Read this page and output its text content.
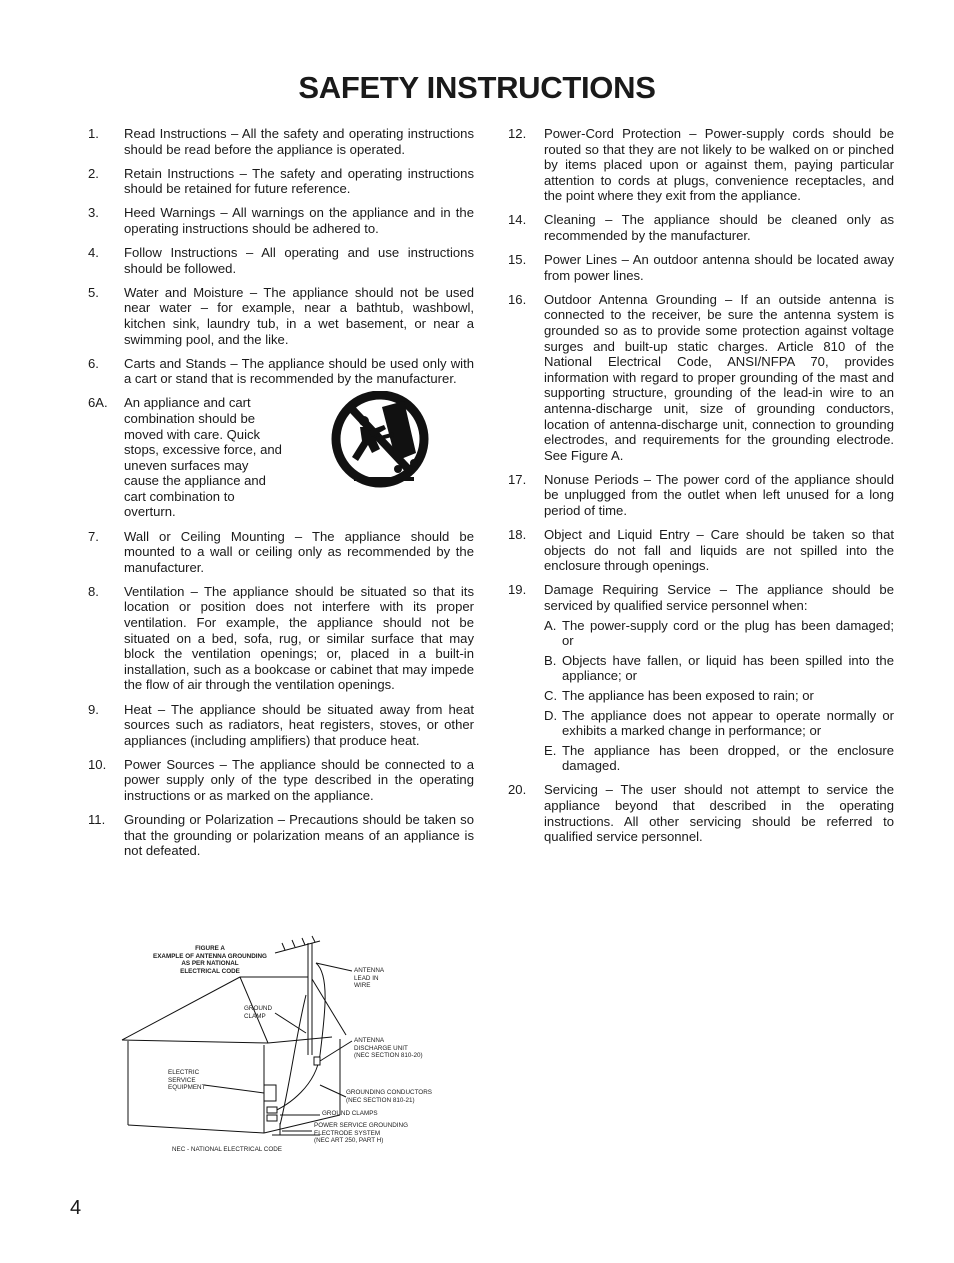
SAFETY INSTRUCTIONS
1.	Read Instructions – All the safety and operating instructions should be read before the appliance is operated.
2.	Retain Instructions – The safety and operating instructions should be retained for future reference.
3.	Heed Warnings – All warnings on the appliance and in the operating instructions should be adhered to.
4.	Follow Instructions – All operating and use instructions should be followed.
5.	Water and Moisture – The appliance should not be used near water – for example, near a bathtub, washbowl, kitchen sink, laundry tub, in a wet basement, or near a swimming pool, and the like.
6.	Carts and Stands – The appliance should be used only with a cart or stand that is recommended by the manufacturer.
6A.	An appliance and cart combination should be moved with care. Quick stops, excessive force, and uneven surfaces may cause the appliance and cart combination to overturn.
7.	Wall or Ceiling Mounting – The appliance should be mounted to a wall or ceiling only as recommended by the manufacturer.
8.	Ventilation – The appliance should be situated so that its location or position does not interfere with its proper ventilation. For example, the appliance should not be situated on a bed, sofa, rug, or similar surface that may block the ventilation openings; or, placed in a built-in installation, such as a bookcase or cabinet that may impede the flow of air through the ventilation openings.
9.	Heat – The appliance should be situated away from heat sources such as radiators, heat registers, stoves, or other appliances (including amplifiers) that produce heat.
10.	Power Sources – The appliance should be connected to a power supply only of the type described in the operating instructions or as marked on the appliance.
11.	Grounding or Polarization – Precautions should be taken so that the grounding or polarization means of an appliance is not defeated.
12.	Power-Cord Protection – Power-supply cords should be routed so that they are not likely to be walked on or pinched by items placed upon or against them, paying particular attention to cords at plugs, convenience receptacles, and the point where they exit from the appliance.
14.	Cleaning – The appliance should be cleaned only as recommended by the manufacturer.
15.	Power Lines – An outdoor antenna should be located away from power lines.
16.	Outdoor Antenna Grounding – If an outside antenna is connected to the receiver, be sure the antenna system is grounded so as to provide some protection against voltage surges and built-up static charges. Article 810 of the National Electrical Code, ANSI/NFPA 70, provides information with regard to proper grounding of the mast and supporting structure, grounding of the lead-in wire to an antenna-discharge unit, size of grounding conductors, location of antenna-discharge unit, connection to grounding electrodes, and requirements for the grounding electrode. See Figure A.
17.	Nonuse Periods – The power cord of the appliance should be unplugged from the outlet when left unused for a long period of time.
18.	Object and Liquid Entry – Care should be taken so that objects do not fall and liquids are not spilled into the enclosure through openings.
19.	Damage Requiring Service – The appliance should be serviced by qualified service personnel when:
A. The power-supply cord or the plug has been damaged; or
B. Objects have fallen, or liquid has been spilled into the appliance; or
C. The appliance has been exposed to rain; or
D. The appliance does not appear to operate normally or exhibits a marked change in performance; or
E. The appliance has been dropped, or the enclosure damaged.
20.	Servicing – The user should not attempt to service the appliance beyond that described in the operating instructions. All other servicing should be referred to qualified service personnel.
FIGURE A
EXAMPLE OF ANTENNA GROUNDING
AS PER NATIONAL
ELECTRICAL CODE	ANTENNA
LEAD IN
WIRE
GROUND
CLAMP
ANTENNA
DISCHARGE UNIT
(NEC SECTION 810-20)
ELECTRIC
SERVICE
EQUIPMENT
GROUNDING CONDUCTORS
(NEC SECTION 810-21)
GROUND CLAMPS
POWER SERVICE GROUNDING
ELECTRODE SYSTEM
(NEC ART 250, PART H)
NEC - NATIONAL ELECTRICAL CODE
4
